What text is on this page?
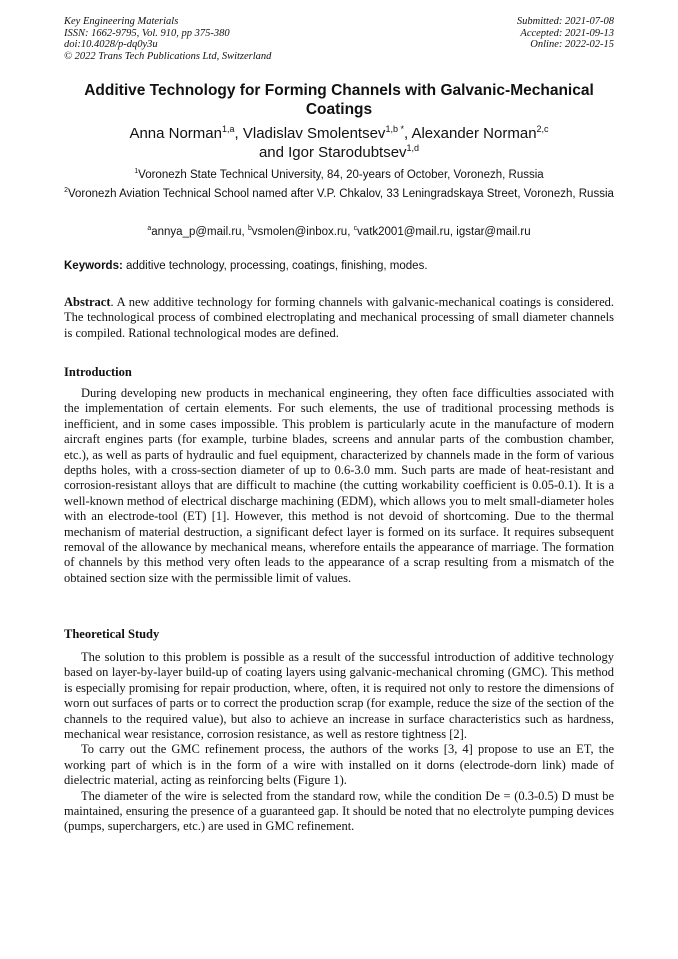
Key Engineering Materials
ISSN: 1662-9795, Vol. 910, pp 375-380
doi:10.4028/p-dq0y3u
© 2022 Trans Tech Publications Ltd, Switzerland
Submitted: 2021-07-08
Accepted: 2021-09-13
Online: 2022-02-15
Additive Technology for Forming Channels with Galvanic-Mechanical Coatings
Anna Norman$^{1,a}$, Vladislav Smolentsev$^{1,b *}$, Alexander Norman$^{2,c}$
and Igor Starodubtsev$^{1,d}$
$^1$Voronezh State Technical University, 84, 20-years of October, Voronezh, Russia
$^2$Voronezh Aviation Technical School named after V.P. Chkalov, 33 Leningradskaya Street, Voronezh, Russia
$^a$annya_p@mail.ru, $^b$vsmolen@inbox.ru, $^c$vatk2001@mail.ru, igstar@mail.ru
Keywords: additive technology, processing, coatings, finishing, modes.
Abstract. A new additive technology for forming channels with galvanic-mechanical coatings is considered. The technological process of combined electroplating and mechanical processing of small diameter channels is compiled. Rational technological modes are defined.
Introduction
During developing new products in mechanical engineering, they often face difficulties associated with the implementation of certain elements. For such elements, the use of traditional processing methods is inefficient, and in some cases impossible. This problem is particularly acute in the manufacture of modern aircraft engines parts (for example, turbine blades, screens and annular parts of the combustion chamber, etc.), as well as parts of hydraulic and fuel equipment, characterized by channels made in the form of various depths holes, with a cross-section diameter of up to 0.6-3.0 mm. Such parts are made of heat-resistant and corrosion-resistant alloys that are difficult to machine (the cutting workability coefficient is 0.05-0.1). It is a well-known method of electrical discharge machining (EDM), which allows you to melt small-diameter holes with an electrode-tool (ET) [1]. However, this method is not devoid of shortcoming. Due to the thermal mechanism of material destruction, a significant defect layer is formed on its surface. It requires subsequent removal of the allowance by mechanical means, wherefore entails the appearance of marriage. The formation of channels by this method very often leads to the appearance of a scrap resulting from a mismatch of the obtained section size with the permissible limit of values.
Theoretical Study

The solution to this problem is possible as a result of the successful introduction of additive technology based on layer-by-layer build-up of coating layers using galvanic-mechanical chroming (GMC). This method is especially promising for repair production, where, often, it is required not only to restore the dimensions of worn out surfaces of parts or to correct the production scrap (for example, reduce the size of the section of the channels to the required value), but also to achieve an increase in surface characteristics such as hardness, mechanical wear resistance, corrosion resistance, as well as restore tightness [2].

To carry out the GMC refinement process, the authors of the works [3, 4] propose to use an ET, the working part of which is in the form of a wire with installed on it dorns (electrode-dorn link) made of dielectric material, acting as reinforcing belts (Figure 1).

The diameter of the wire is selected from the standard row, while the condition De = (0.3-0.5) D must be maintained, ensuring the presence of a guaranteed gap. It should be noted that no electrolyte pumping devices (pumps, superchargers, etc.) are used in GMC refinement.
